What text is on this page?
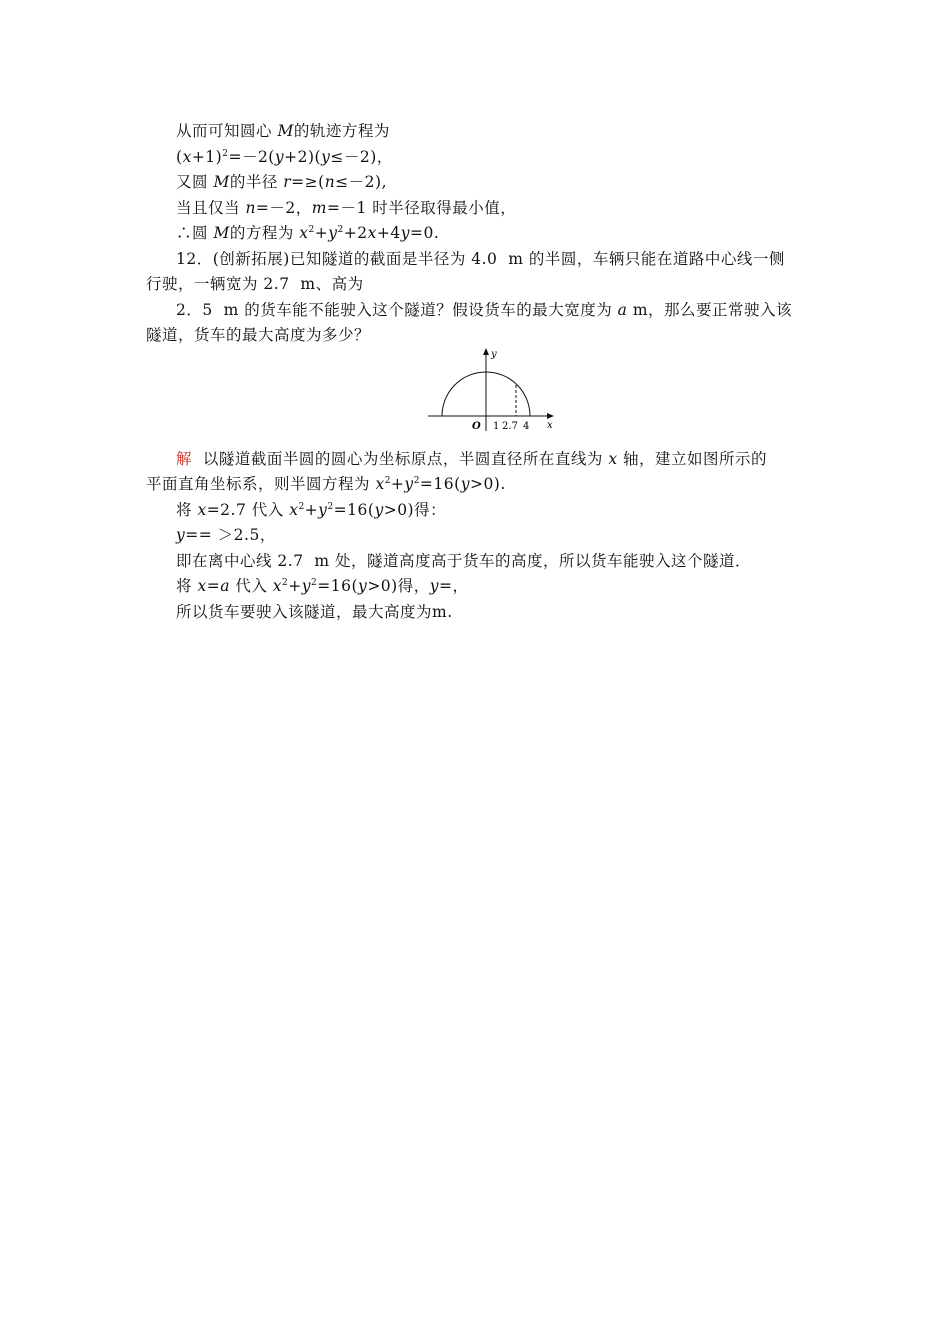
从而可知圆心 M的轨迹方程为
$(x+1)^2=-2(y+2)(y\le-2)$，
又圆 M的半径 r=≥(n≤－2),
当且仅当 n=－2，m=－1 时半径取得最小值，
∴圆 M的方程为 $x^2+y^2+2x+4y=0$.
12．(创新拓展)已知隧道的截面是半径为 4.0  m 的半圆，车辆只能在道路中心线一侧
行驶，一辆宽为 2.7  m、高为
2．5  m 的货车能不能驶入这个隧道？假设货车的最大宽度为 a m，那么要正常驶入该
隧道，货车的最大高度为多少？
y
x
O 1 2.7 4
解  以隧道截面半圆的圆心为坐标原点，半圆直径所在直线为 x 轴，建立如图所示的
平面直角坐标系，则半圆方程为 $x^2+y^2=16(y>0)$.
将 x=2.7 代入 $x^2+y^2=16(y>0)$得：
y== ＞2.5，
即在离中心线 2.7  m 处，隧道高度高于货车的高度，所以货车能驶入这个隧道．
将 x=a 代入 $x^2+y^2=16(y>0)$得，y=，
所以货车要驶入该隧道，最大高度为m.
